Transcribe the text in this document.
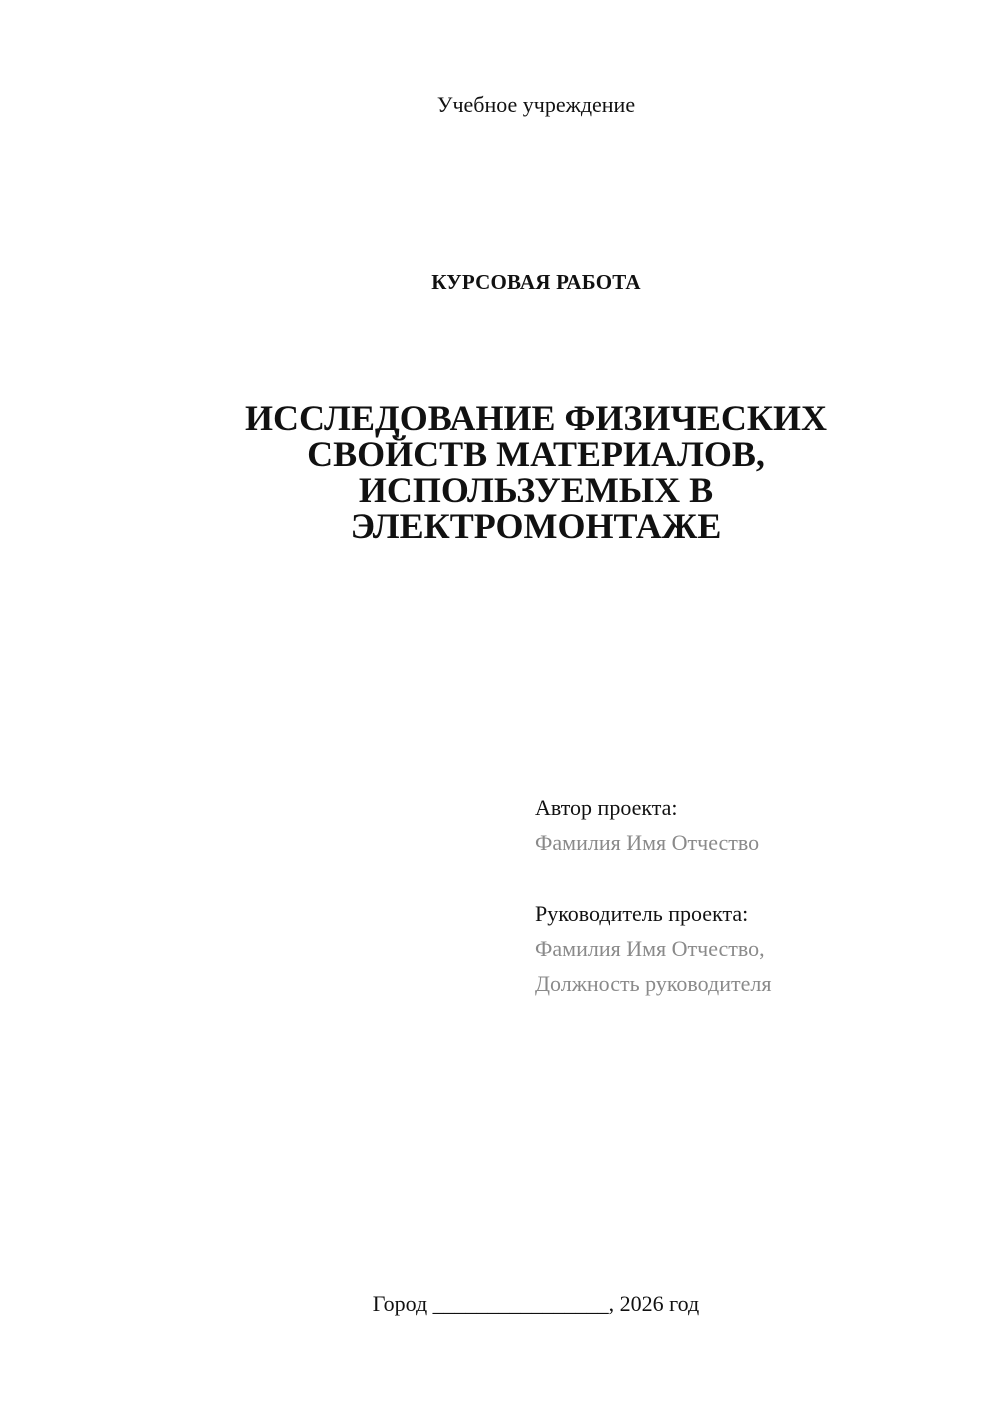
Учебное учреждение
КУРСОВАЯ РАБОТА
ИССЛЕДОВАНИЕ ФИЗИЧЕСКИХ
СВОЙСТВ МАТЕРИАЛОВ,
ИСПОЛЬЗУЕМЫХ В
ЭЛЕКТРОМОНТАЖЕ
Автор проекта:
Фамилия Имя Отчество
Руководитель проекта:
Фамилия Имя Отчество,
Должность руководителя
Город ________________, 2026 год
